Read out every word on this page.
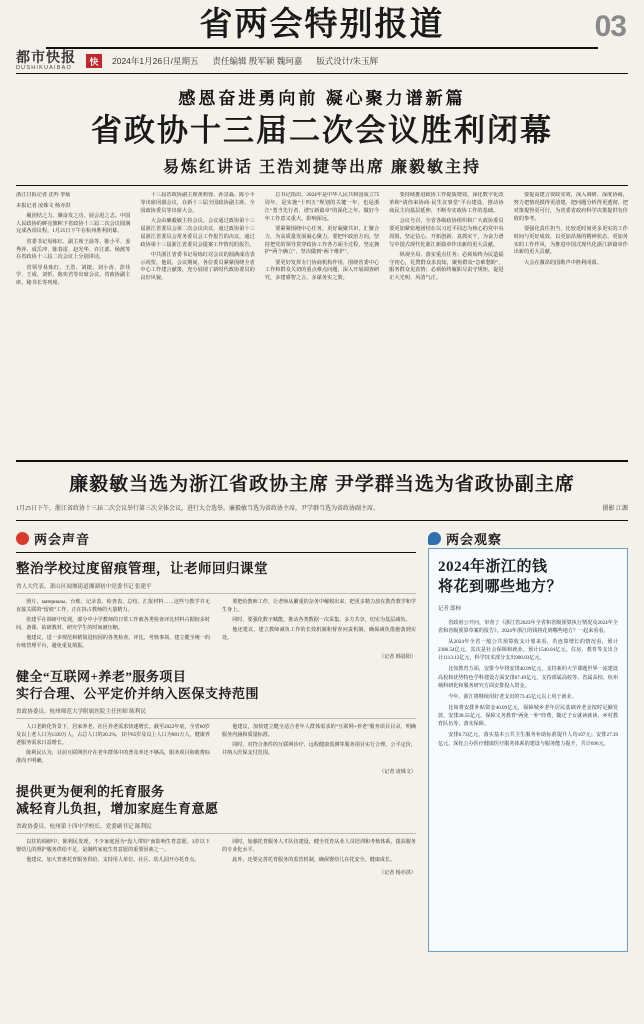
省两会特别报道	03
都市快报
DUSHIKUAIBAO
快	2024年1月26日/星期五 责任编辑 殷军颖 魏珂嘉 版式设计/朱玉辉
感恩奋进勇向前 凝心聚力谱新篇
省政协十三届二次会议胜利闭幕
易炼红讲话 王浩刘捷等出席 廉毅敏主持

浙江日报记者 沈吟 李灿

本报记者 凌姝文 杨亦淇

履团结之力、聚奋发之功、展会进之志。中国人民政协的鲜亮旗帜下省政协十三届二次会议圆满完成各项议程，1月25日下午在杭州胜利闭幕。

省委书记易炼红、副主席王晨等、陈小平、姜秀萍、成岳冲、陈春雷、赵光华、许江部、杨渡等在省政协十三届二次会议上分别讲话。

省领导易炼红、王浩、刘捷、刘小涛、彭佳学、王成、刘忻、陈奕君等出席会议。省政协副主席、秘书长等列席。

十三届省政协副主席黄莉蓉、孙景淼、陈小平等出席闭幕会议，在新十三届全国政协副主席、全国政协委员等出席大会。

大会由廉毅敏主持会议。会议通过政协第十三届浙江省委员会第二次会议决议，通过政协第十三届浙江省委员会常务委员会工作报告的决议，通过政协第十三届浙江省委员会提案工作情况的报告。

中共浙江省委书记易炼红对会议的圆满成功表示祝贺。他说，会议期间，各位委员紧紧围绕全省中心工作建言献策，充分展现了新时代政协委员的良好风貌。

总书记指出，2024年是中华人民共和国成立75周年，是实施“十四五”规划的关键一年，也是浙江“勇当先行者、谱写新篇章”的深化之年。做好今年工作意义重大、影响深远。

要紧紧围绕中心任务，更好凝聚共识，汇聚合力，为高质量发展凝心聚力。要把牢政治方向，坚持把党的领导贯穿政协工作各方面全过程，坚定拥护“两个确立”、坚决做到“两个维护”。

要更好发挥专门协商机构作用，围绕省委中心工作和群众关切的重点难点问题，深入开展调查研究，多建睿智之言、多谋务实之策。

要持续推进政协工作提质增效，深化数字化改革和“请你来协商·民生议事堂”平台建设，推动协商民主向基层延伸，不断夯实政协工作的基础。

会议号召，全省各级政协组织和广大政协委员要更加紧密地团结在以习近平同志为核心的党中央周围，坚定信心、开拓创新、真抓实干，为奋力谱写中国式现代化浙江新篇章作出新的更大贡献。

纵观全局、落实重点任务；必须始终为民造福守初心，礼赞群众求真知，聚焦群众“急难愁盼”，服务群众见真情；必须始终履职尽责守规矩，促进正大光明、风清气正。

要提高建言资政实效，深入调研、深度协商，努力把情况摸得更清楚、把问题分析得更透彻、把对策提得更可行，为省委省政府科学决策提供有价值的参考。

要强化责任担当，比较近时间更多更实的工作时间与更好成效，以更加昂扬的精神状态、更加务实的工作作风，为推进中国式现代化浙江新篇章作出新的更大贡献。

大会在激昂的国歌声中胜利闭幕。

廉毅敏当选为浙江省政协主席 尹学群当选为省政协副主席
1月25日下午，浙江省政协十三届二次会议举行第三次全体会议，进行大会选举。廉毅敏当选为省政协主席，尹学群当选为省政协副主席。	摄影 江源
两会声音
整治学校过度留痕管理，让老师回归课堂
省人大代表、萧山区闻堰街道湘湖初中党委书记 张建平

照片、материалы、台账、记录表、检查表、总结、汇报材料……这些与教学并无直接关联的“留痕”工作，正在挤占教师的大量精力。

张建平在调研中发现，部分中小学教师的日常工作被各类检查评比材料占据较多时间，备课、钻研教材、研究学生的时间被压缩。

他建议，进一步规范和精简进校园的各类检查、评比、考核事项，建立健全统一的台账管理平台，避免重复填报。

要把给教师工作，让老师从繁重的杂务中解脱出来，把更多精力放在教育教学和学生身上。

同时，要强化数字赋能，推动各类数据一次采集、多方共享，切实为基层减负。

他还建议，建立教师减负工作的长效机制和督查问责机制，确保减负措施落到实处。

（记者 韩晨阳）
健全“互联网+养老”服务项目
实行合理、公平定价并纳入医保支持范围
省政协委员、杭州师范大学附属医院主任医师 陈利民

人口老龄化背景下，居家养老、社区养老需求快速增长。截至2022年底，全省60岁及以上老人口为1339万人，占总人口的20.2%，其中65岁及以上人口为981万人，健康养老服务需求日益增长。

陈利民认为，目前互联网医疗在老年群体中的普及率还不够高，服务项目和收费标准尚不明确。

他建议，加快建立健全适合老年人群体需求的“互联网+养老”服务项目目录，明确服务内涵和质量标准。

同时，对符合条件的互联网诊疗、远程健康监测等服务项目实行合理、公平定价，并纳入医保支付范围。

（记者 凌姝文）
提供更为便利的托育服务
减轻育儿负担，增加家庭生育意愿
省政协委员、杭州第十四中学校长、党委副书记 陈利民

以往的调研中，陈利民发现，不少家庭因为“没人带娃”而影响生育意愿。3岁以下婴幼儿的照护服务供给不足，是制约家庭生育意愿的重要因素之一。

他建议，加大普惠托育服务供给，支持用人单位、社区、幼儿园开办托育点。

同时，加强托育服务人才队伍建设，健全托育从业人员培训和考核体系，提高服务的专业化水平。

此外，还要完善托育服务的监管机制，确保婴幼儿在托安全、健康成长。

（记者 杨亦淇）
两会观察
2024年浙江的钱
将花到哪些地方？
记者 郎柿

省政府公开问，审查了《浙江省2023年全省和省级预算执行情况及2024年全省和省级预算草案的报告》。2024年浙江的钱将花到哪些地方？一起来看看。

从2024年全省一般公共预算收支计划来看，若连算增长的情况看，预计2386.54亿元，其次是社会保障和就业、预计1540.04亿元、住房、教育等支出合计1113.13亿元，科学技术部分支出900.83亿元。

比如教育方面，安排今年将安排40.99亿元，支持新的大学课题世界一流建设高校和优势特色学科建设方面安排67.49亿元，支持部属高校等、省属高校、杭州城科研化和服务研究方面安排投入资金。

今年，浙江将继续用好老支出的73.45亿元以上用于就业。

比如将安排补贴资金40.09亿元，保障城乡老年居民基础养老金按时足额发放，安排28.55亿元，保障义务教育“两免一补”经费，随迁子女就读就读、乡村教育队伍等，落实保障。

安排6.73亿元，落实基本公共卫生服务补助标准提升人均107元；安排27.39亿元，深化公办医疗健康医疗服务体系的建设与服务能力提升，共计690元。
